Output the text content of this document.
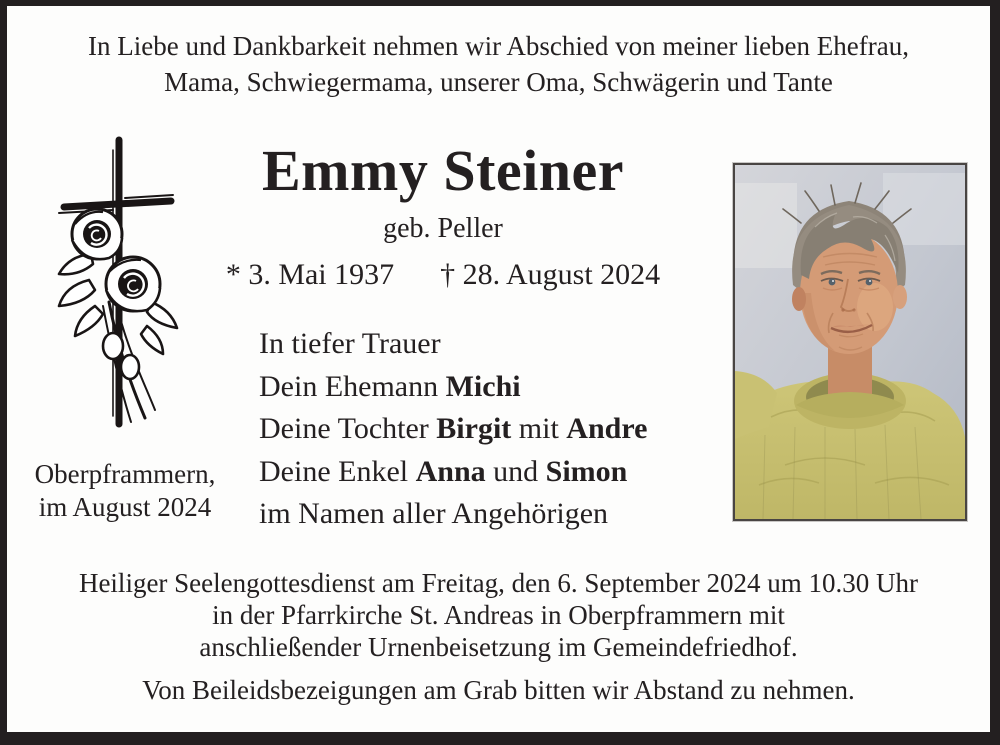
In Liebe und Dankbarkeit nehmen wir Abschied von meiner lieben Ehefrau,
Mama, Schwiegermama, unserer Oma, Schwägerin und Tante
Emmy Steiner
geb. Peller
* 3. Mai 1937 † 28. August 2024
In tiefer Trauer
Dein Ehemann Michi
Deine Tochter Birgit mit Andre
Deine Enkel Anna und Simon
im Namen aller Angehörigen
Oberpframmern,
im August 2024
Heiliger Seelengottesdienst am Freitag, den 6. September 2024 um 10.30 Uhr
in der Pfarrkirche St. Andreas in Oberpframmern mit
anschließender Urnenbeisetzung im Gemeindefriedhof.
Von Beileidsbezeigungen am Grab bitten wir Abstand zu nehmen.
